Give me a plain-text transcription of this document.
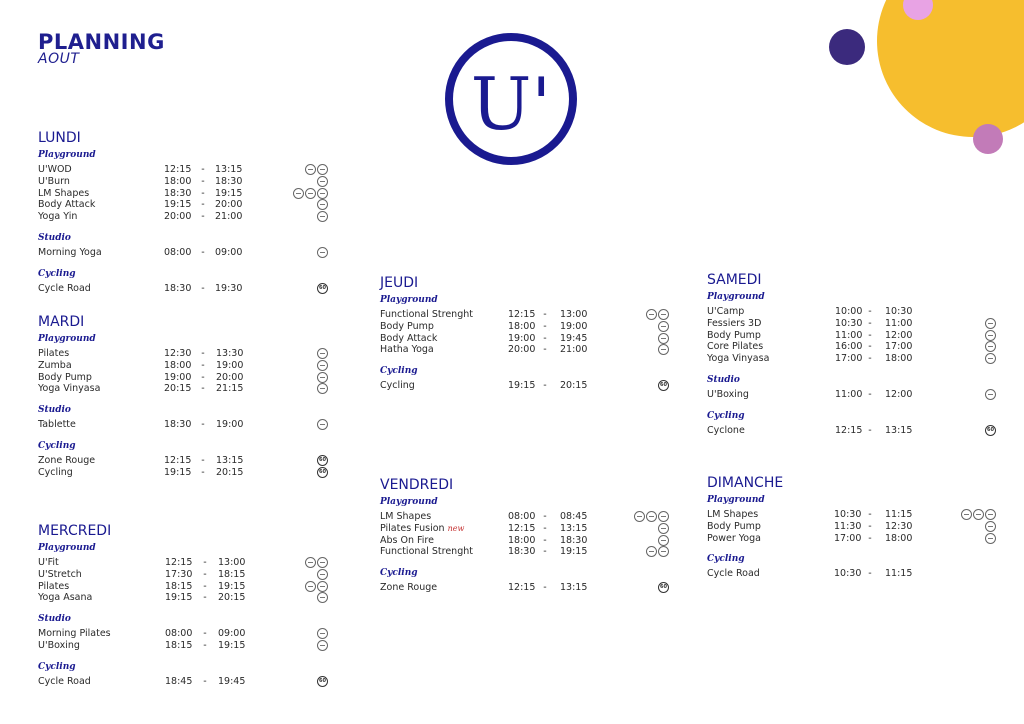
PLANNING
AOUT
U'
LUNDI
Playground
U'WOD	12:15	-	13:15
U'Burn	18:00	-	18:30
LM Shapes	18:30	-	19:15
Body Attack	19:15	-	20:00
Yoga Yin	20:00	-	21:00
Studio
Morning Yoga	08:00	-	09:00
Cycling
Cycle Road	18:30	-	19:30
60
MARDI
Playground
Pilates	12:30	-	13:30
Zumba	18:00	-	19:00
Body Pump	19:00	-	20:00
Yoga Vinyasa	20:15	-	21:15
Studio
Tablette	18:30	-	19:00
Cycling
Zone Rouge	12:15	-	13:15
60
Cycling	19:15	-	20:15
60
MERCREDI
Playground
U'Fit	12:15	-	13:00
U'Stretch	17:30	-	18:15
Pilates	18:15	-	19:15
Yoga Asana	19:15	-	20:15
Studio
Morning Pilates	08:00	-	09:00
U'Boxing	18:15	-	19:15
Cycling
Cycle Road	18:45	-	19:45
60
JEUDI
Playground
Functional Strenght	12:15 -	13:00
Body Pump	18:00 -	19:00
Body Attack	19:00 -	19:45
Hatha Yoga	20:00 -	21:00
Cycling
Cycling	19:15 -	20:15
60
VENDREDI
Playground
LM Shapes	08:00 -	08:45
Pilates Fusion new	12:15 -	13:15
Abs On Fire	18:00 -	18:30
Functional Strenght	18:30 -	19:15
Cycling
Zone Rouge	12:15 -	13:15
60
SAMEDI
Playground
U'Camp	10:00 -	10:30
Fessiers 3D	10:30 -	11:00
Body Pump	11:00 -	12:00
Core Pilates	16:00 -	17:00
Yoga Vinyasa	17:00 -	18:00
Studio
U'Boxing	11:00 -	12:00
Cycling
Cyclone	12:15 -	13:15
60
DIMANCHE
Playground
LM Shapes	10:30 -	11:15
Body Pump	11:30 -	12:30
Power Yoga	17:00 -	18:00
Cycling
Cycle Road	10:30 -	11:15
